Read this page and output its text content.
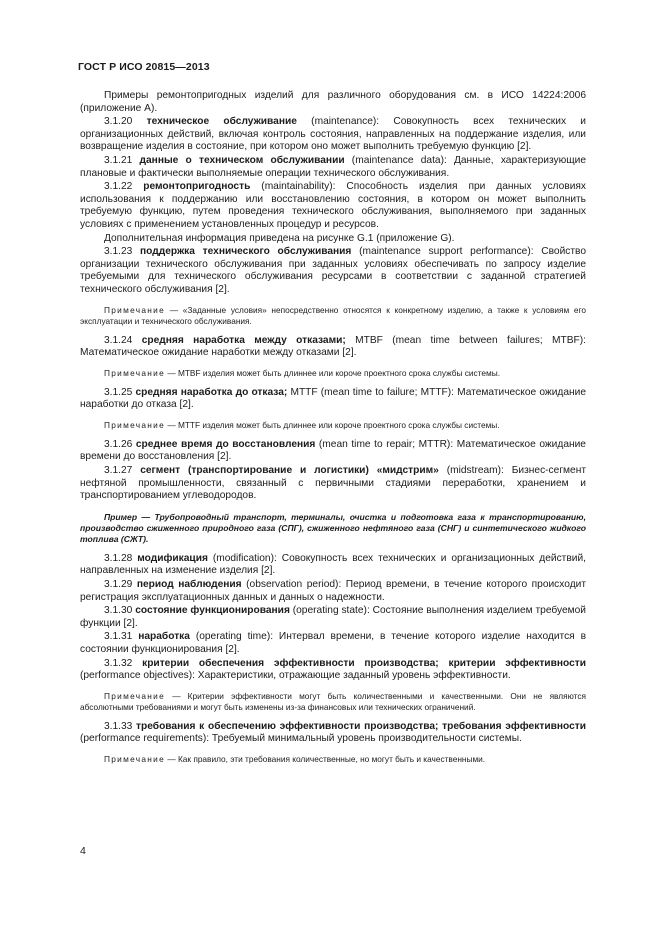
ГОСТ Р ИСО 20815—2013

Примеры ремонтопригодных изделий для различного оборудования см. в ИСО 14224:2006 (приложение А).

3.1.20 техническое обслуживание (maintenance): Совокупность всех технических и организационных действий, включая контроль состояния, направленных на поддержание изделия, или возвращение изделия в состояние, при котором оно может выполнить требуемую функцию [2].

3.1.21 данные о техническом обслуживании (maintenance data): Данные, характеризующие плановые и фактически выполняемые операции технического обслуживания.

3.1.22 ремонтопригодность (maintainability): Способность изделия при данных условиях использования к поддержанию или восстановлению состояния, в котором он может выполнить требуемую функцию, путем проведения технического обслуживания, выполняемого при заданных условиях с применением установленных процедур и ресурсов.

Дополнительная информация приведена на рисунке G.1 (приложение G).

3.1.23 поддержка технического обслуживания (maintenance support performance): Свойство организации технического обслуживания при заданных условиях обеспечивать по запросу изделие требуемыми для технического обслуживания ресурсами в соответствии с заданной стратегией технического обслуживания [2].

Примечание — «Заданные условия» непосредственно относятся к конкретному изделию, а также к условиям его эксплуатации и технического обслуживания.

3.1.24 средняя наработка между отказами; MTBF (mean time between failures; MTBF): Математическое ожидание наработки между отказами [2].

Примечание — MTBF изделия может быть длиннее или короче проектного срока службы системы.

3.1.25 средняя наработка до отказа; MTTF (mean time to failure; MTTF): Математическое ожидание наработки до отказа [2].

Примечание — MTTF изделия может быть длиннее или короче проектного срока службы системы.

3.1.26 среднее время до восстановления (mean time to repair; MTTR): Математическое ожидание времени до восстановления [2].

3.1.27 сегмент (транспортирование и логистики) «мидстрим» (midstream): Бизнес-сегмент нефтяной промышленности, связанный с первичными стадиями переработки, хранением и транспортированием углеводородов.

Пример — Трубопроводный транспорт, терминалы, очистка и подготовка газа к транспортированию, производство сжиженного природного газа (СПГ), сжиженного нефтяного газа (СНГ) и синтетического жидкого топлива (СЖТ).

3.1.28 модификация (modification): Совокупность всех технических и организационных действий, направленных на изменение изделия [2].

3.1.29 период наблюдения (observation period): Период времени, в течение которого происходит регистрация эксплуатационных данных и данных о надежности.

3.1.30 состояние функционирования (operating state): Состояние выполнения изделием требуемой функции [2].

3.1.31 наработка (operating time): Интервал времени, в течение которого изделие находится в состоянии функционирования [2].

3.1.32 критерии обеспечения эффективности производства; критерии эффективности (performance objectives): Характеристики, отражающие заданный уровень эффективности.

Примечание — Критерии эффективности могут быть количественными и качественными. Они не являются абсолютными требованиями и могут быть изменены из-за финансовых или технических ограничений.

3.1.33 требования к обеспечению эффективности производства; требования эффективности (performance requirements): Требуемый минимальный уровень производительности системы.

Примечание — Как правило, эти требования количественные, но могут быть и качественными.

4
